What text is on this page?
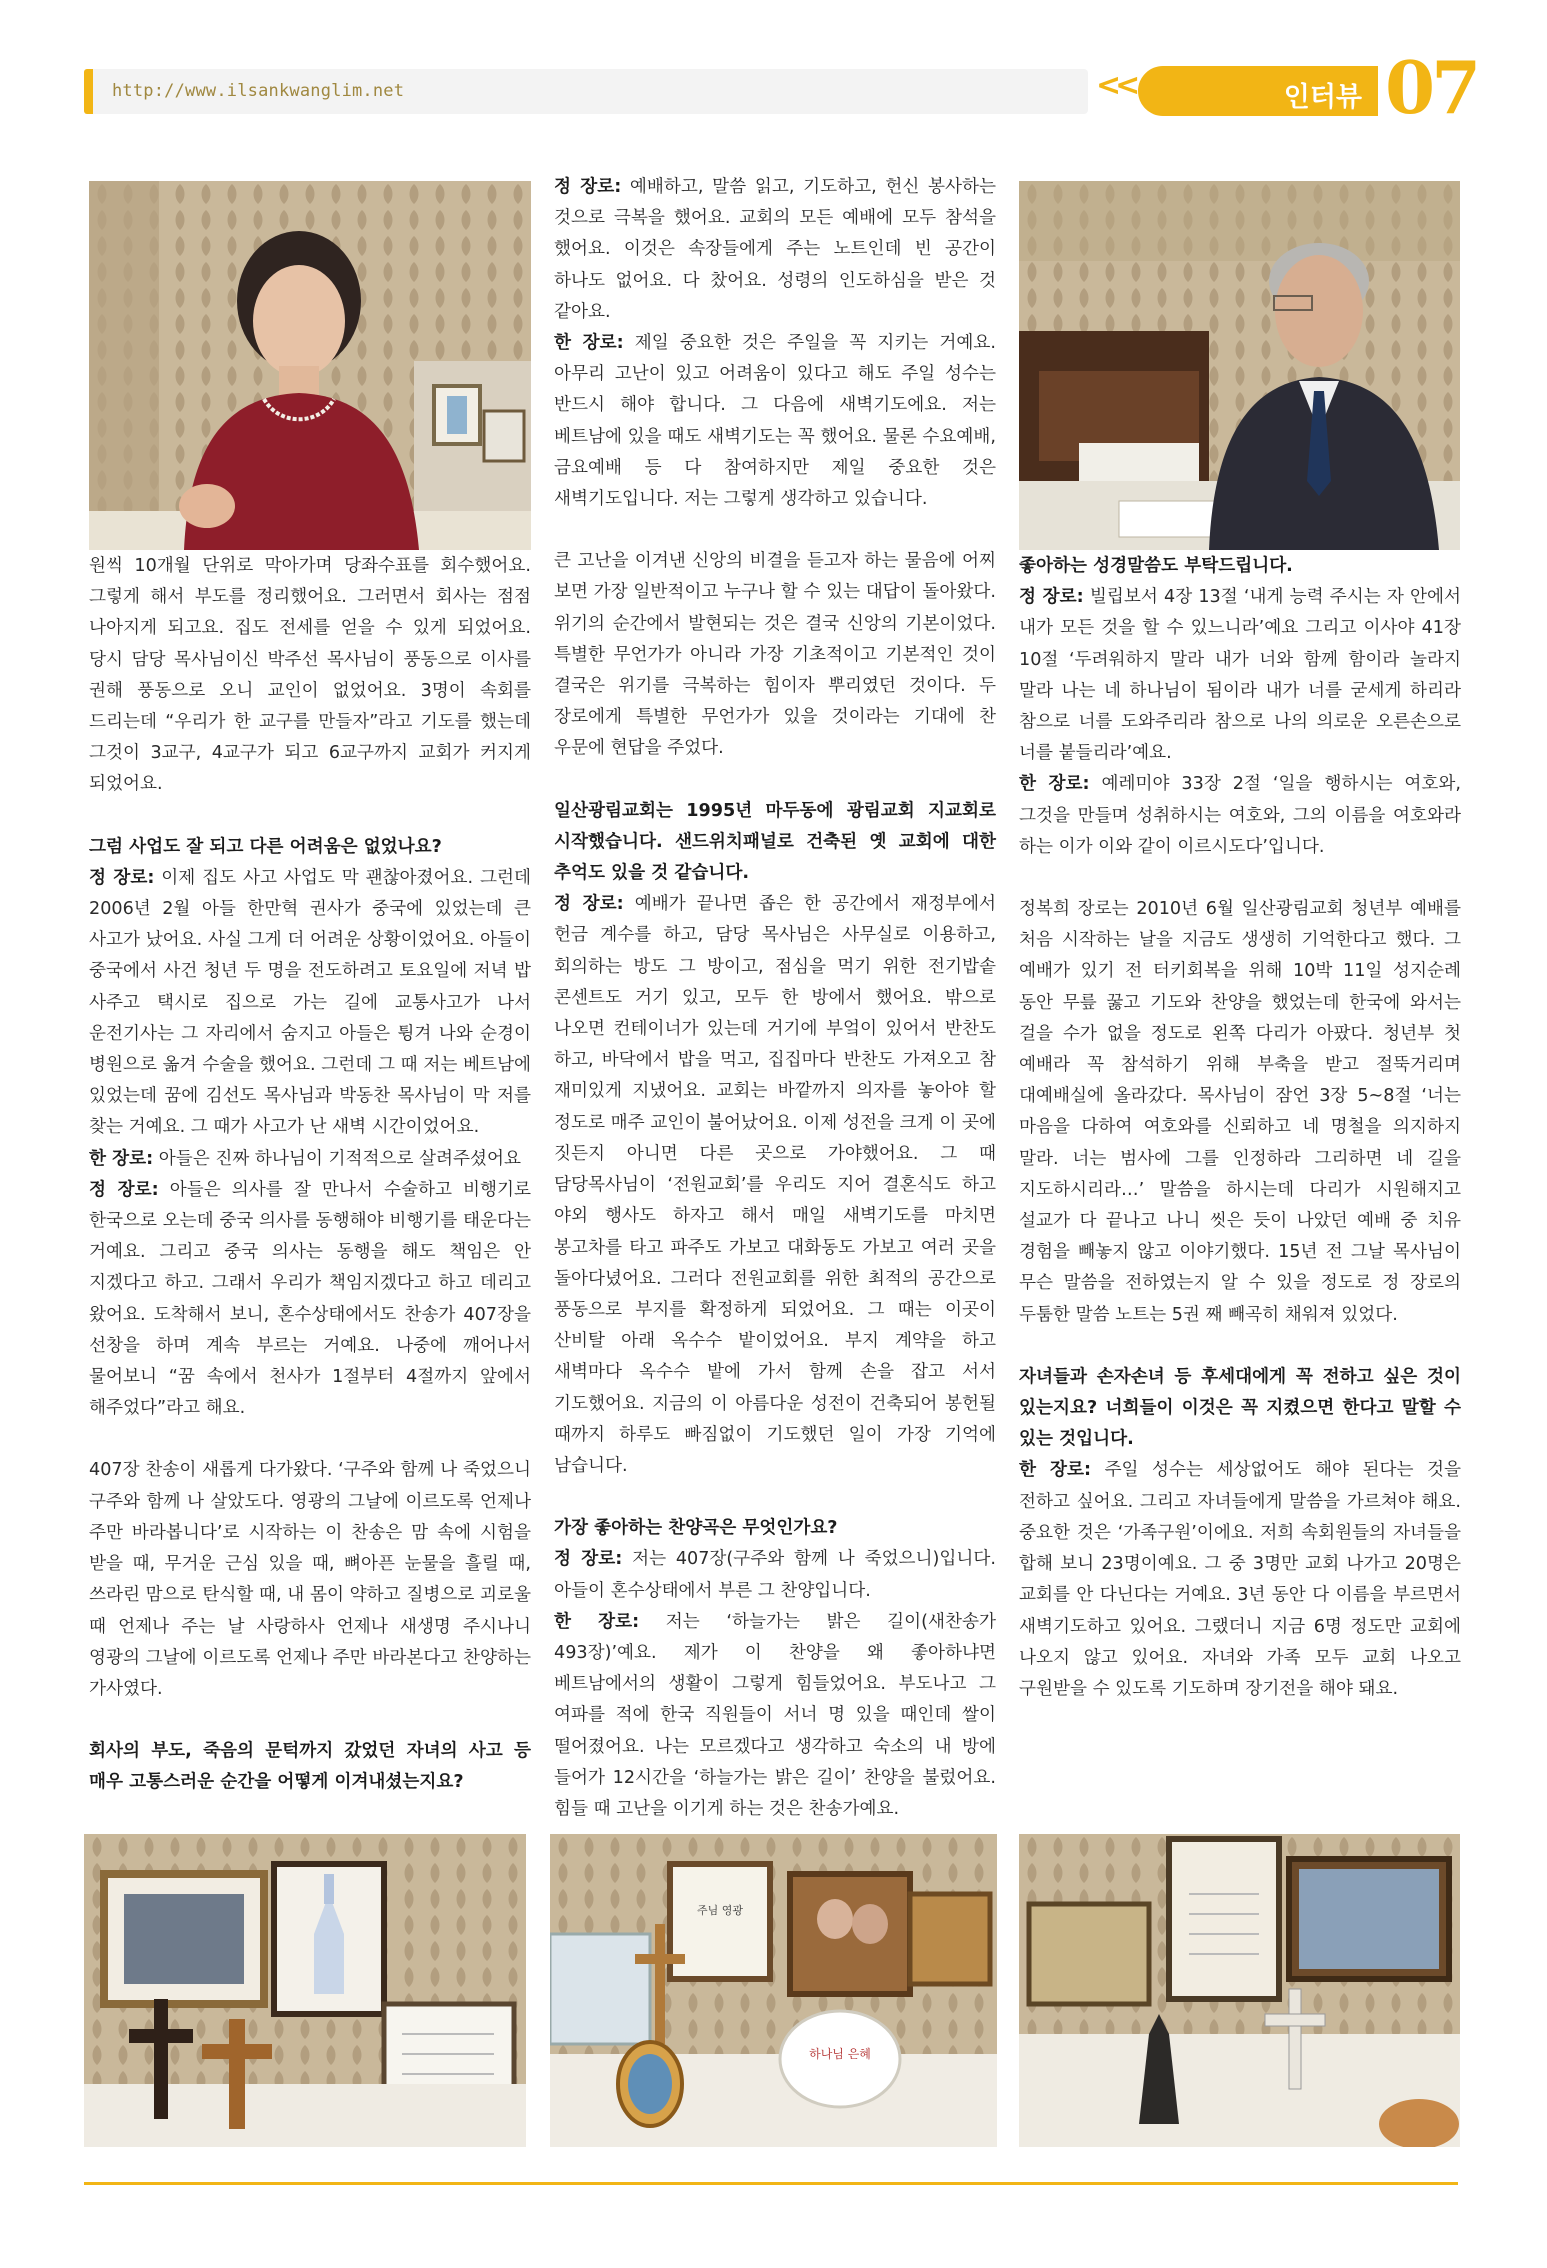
http://www.ilsankwanglim.net	<<	인터뷰 07

원씩 10개월 단위로 막아가며 당좌수표를 회수했어요. 그렇게 해서 부도를 정리했어요. 그러면서 회사는 점점 나아지게 되고요. 집도 전세를 얻을 수 있게 되었어요. 당시 담당 목사님이신 박주선 목사님이 풍동으로 이사를 권해 풍동으로 오니 교인이 없었어요. 3명이 속회를 드리는데 “우리가 한 교구를 만들자”라고 기도를 했는데 그것이 3교구, 4교구가 되고 6교구까지 교회가 커지게 되었어요.

그럼 사업도 잘 되고 다른 어려움은 없었나요?

정 장로: 이제 집도 사고 사업도 막 괜찮아졌어요. 그런데 2006년 2월 아들 한만혁 권사가 중국에 있었는데 큰 사고가 났어요. 사실 그게 더 어려운 상황이었어요. 아들이 중국에서 사건 청년 두 명을 전도하려고 토요일에 저녁 밥 사주고 택시로 집으로 가는 길에 교통사고가 나서 운전기사는 그 자리에서 숨지고 아들은 튕겨 나와 순경이 병원으로 옮겨 수술을 했어요. 그런데 그 때 저는 베트남에 있었는데 꿈에 김선도 목사님과 박동찬 목사님이 막 저를 찾는 거예요. 그 때가 사고가 난 새벽 시간이었어요.

한 장로: 아들은 진짜 하나님이 기적적으로 살려주셨어요

정 장로: 아들은 의사를 잘 만나서 수술하고 비행기로 한국으로 오는데 중국 의사를 동행해야 비행기를 태운다는 거예요. 그리고 중국 의사는 동행을 해도 책임은 안 지겠다고 하고. 그래서 우리가 책임지겠다고 하고 데리고 왔어요. 도착해서 보니, 혼수상태에서도 찬송가 407장을 선창을 하며 계속 부르는 거예요. 나중에 깨어나서 물어보니 “꿈 속에서 천사가 1절부터 4절까지 앞에서 해주었다”라고 해요.

407장 찬송이 새롭게 다가왔다. ‘구주와 함께 나 죽었으니 구주와 함께 나 살았도다. 영광의 그날에 이르도록 언제나 주만 바라봅니다’로 시작하는 이 찬송은 맘 속에 시험을 받을 때, 무거운 근심 있을 때, 뼈아픈 눈물을 흘릴 때, 쓰라린 맘으로 탄식할 때, 내 몸이 약하고 질병으로 괴로울 때 언제나 주는 날 사랑하사 언제나 새생명 주시나니 영광의 그날에 이르도록 언제나 주만 바라본다고 찬양하는 가사였다.

회사의 부도, 죽음의 문턱까지 갔었던 자녀의 사고 등 매우 고통스러운 순간을 어떻게 이겨내셨는지요?

정 장로: 예배하고, 말씀 읽고, 기도하고, 헌신 봉사하는 것으로 극복을 했어요. 교회의 모든 예배에 모두 참석을 했어요. 이것은 속장들에게 주는 노트인데 빈 공간이 하나도 없어요. 다 찼어요. 성령의 인도하심을 받은 것 같아요.

한 장로: 제일 중요한 것은 주일을 꼭 지키는 거예요. 아무리 고난이 있고 어려움이 있다고 해도 주일 성수는 반드시 해야 합니다. 그 다음에 새벽기도에요. 저는 베트남에 있을 때도 새벽기도는 꼭 했어요. 물론 수요예배, 금요예배 등 다 참여하지만 제일 중요한 것은 새벽기도입니다. 저는 그렇게 생각하고 있습니다.

큰 고난을 이겨낸 신앙의 비결을 듣고자 하는 물음에 어찌 보면 가장 일반적이고 누구나 할 수 있는 대답이 돌아왔다. 위기의 순간에서 발현되는 것은 결국 신앙의 기본이었다. 특별한 무언가가 아니라 가장 기초적이고 기본적인 것이 결국은 위기를 극복하는 힘이자 뿌리였던 것이다. 두 장로에게 특별한 무언가가 있을 것이라는 기대에 찬 우문에 현답을 주었다.

일산광림교회는 1995년 마두동에 광림교회 지교회로 시작했습니다. 샌드위치패널로 건축된 옛 교회에 대한 추억도 있을 것 같습니다.

정 장로: 예배가 끝나면 좁은 한 공간에서 재정부에서 헌금 계수를 하고, 담당 목사님은 사무실로 이용하고, 회의하는 방도 그 방이고, 점심을 먹기 위한 전기밥솥 콘센트도 거기 있고, 모두 한 방에서 했어요. 밖으로 나오면 컨테이너가 있는데 거기에 부엌이 있어서 반찬도 하고, 바닥에서 밥을 먹고, 집집마다 반찬도 가져오고 참 재미있게 지냈어요. 교회는 바깥까지 의자를 놓아야 할 정도로 매주 교인이 불어났어요. 이제 성전을 크게 이 곳에 짓든지 아니면 다른 곳으로 가야했어요. 그 때 담당목사님이 ‘전원교회’를 우리도 지어 결혼식도 하고 야외 행사도 하자고 해서 매일 새벽기도를 마치면 봉고차를 타고 파주도 가보고 대화동도 가보고 여러 곳을 돌아다녔어요. 그러다 전원교회를 위한 최적의 공간으로 풍동으로 부지를 확정하게 되었어요. 그 때는 이곳이 산비탈 아래 옥수수 밭이었어요. 부지 계약을 하고 새벽마다 옥수수 밭에 가서 함께 손을 잡고 서서 기도했어요. 지금의 이 아름다운 성전이 건축되어 봉헌될 때까지 하루도 빠짐없이 기도했던 일이 가장 기억에 남습니다.

가장 좋아하는 찬양곡은 무엇인가요?

정 장로: 저는 407장(구주와 함께 나 죽었으니)입니다. 아들이 혼수상태에서 부른 그 찬양입니다.

한 장로: 저는 ‘하늘가는 밝은 길이(새찬송가 493장)’예요. 제가 이 찬양을 왜 좋아하냐면 베트남에서의 생활이 그렇게 힘들었어요. 부도나고 그 여파를 적에 한국 직원들이 서너 명 있을 때인데 쌀이 떨어졌어요. 나는 모르겠다고 생각하고 숙소의 내 방에 들어가 12시간을 ‘하늘가는 밝은 길이’ 찬양을 불렀어요. 힘들 때 고난을 이기게 하는 것은 찬송가예요.

좋아하는 성경말씀도 부탁드립니다.

정 장로: 빌립보서 4장 13절 ‘내게 능력 주시는 자 안에서 내가 모든 것을 할 수 있느니라’예요 그리고 이사야 41장 10절 ‘두려워하지 말라 내가 너와 함께 함이라 놀라지 말라 나는 네 하나님이 됨이라 내가 너를 굳세게 하리라 참으로 너를 도와주리라 참으로 나의 의로운 오른손으로 너를 붙들리라’예요.

한 장로: 예레미야 33장 2절 ‘일을 행하시는 여호와, 그것을 만들며 성취하시는 여호와, 그의 이름을 여호와라 하는 이가 이와 같이 이르시도다’입니다.

정복희 장로는 2010년 6월 일산광림교회 청년부 예배를 처음 시작하는 날을 지금도 생생히 기억한다고 했다. 그 예배가 있기 전 터키회복을 위해 10박 11일 성지순례 동안 무릎 꿇고 기도와 찬양을 했었는데 한국에 와서는 걸을 수가 없을 정도로 왼쪽 다리가 아팠다. 청년부 첫 예배라 꼭 참석하기 위해 부축을 받고 절뚝거리며 대예배실에 올라갔다. 목사님이 잠언 3장 5~8절 ‘너는 마음을 다하여 여호와를 신뢰하고 네 명철을 의지하지 말라. 너는 범사에 그를 인정하라 그리하면 네 길을 지도하시리라…’ 말씀을 하시는데 다리가 시원해지고 설교가 다 끝나고 나니 씻은 듯이 나았던 예배 중 치유 경험을 빼놓지 않고 이야기했다. 15년 전 그날 목사님이 무슨 말씀을 전하였는지 알 수 있을 정도로 정 장로의 두툼한 말씀 노트는 5권 째 빼곡히 채워져 있었다.

자녀들과 손자손녀 등 후세대에게 꼭 전하고 싶은 것이 있는지요? 너희들이 이것은 꼭 지켰으면 한다고 말할 수 있는 것입니다.

한 장로: 주일 성수는 세상없어도 해야 된다는 것을 전하고 싶어요. 그리고 자녀들에게 말씀을 가르쳐야 해요. 중요한 것은 ‘가족구원’이에요. 저희 속회원들의 자녀들을 합해 보니 23명이예요. 그 중 3명만 교회 나가고 20명은 교회를 안 다닌다는 거예요. 3년 동안 다 이름을 부르면서 새벽기도하고 있어요. 그랬더니 지금 6명 정도만 교회에 나오지 않고 있어요. 자녀와 가족 모두 교회 나오고 구원받을 수 있도록 기도하며 장기전을 해야 돼요.

주님 영광
하나님 은혜
